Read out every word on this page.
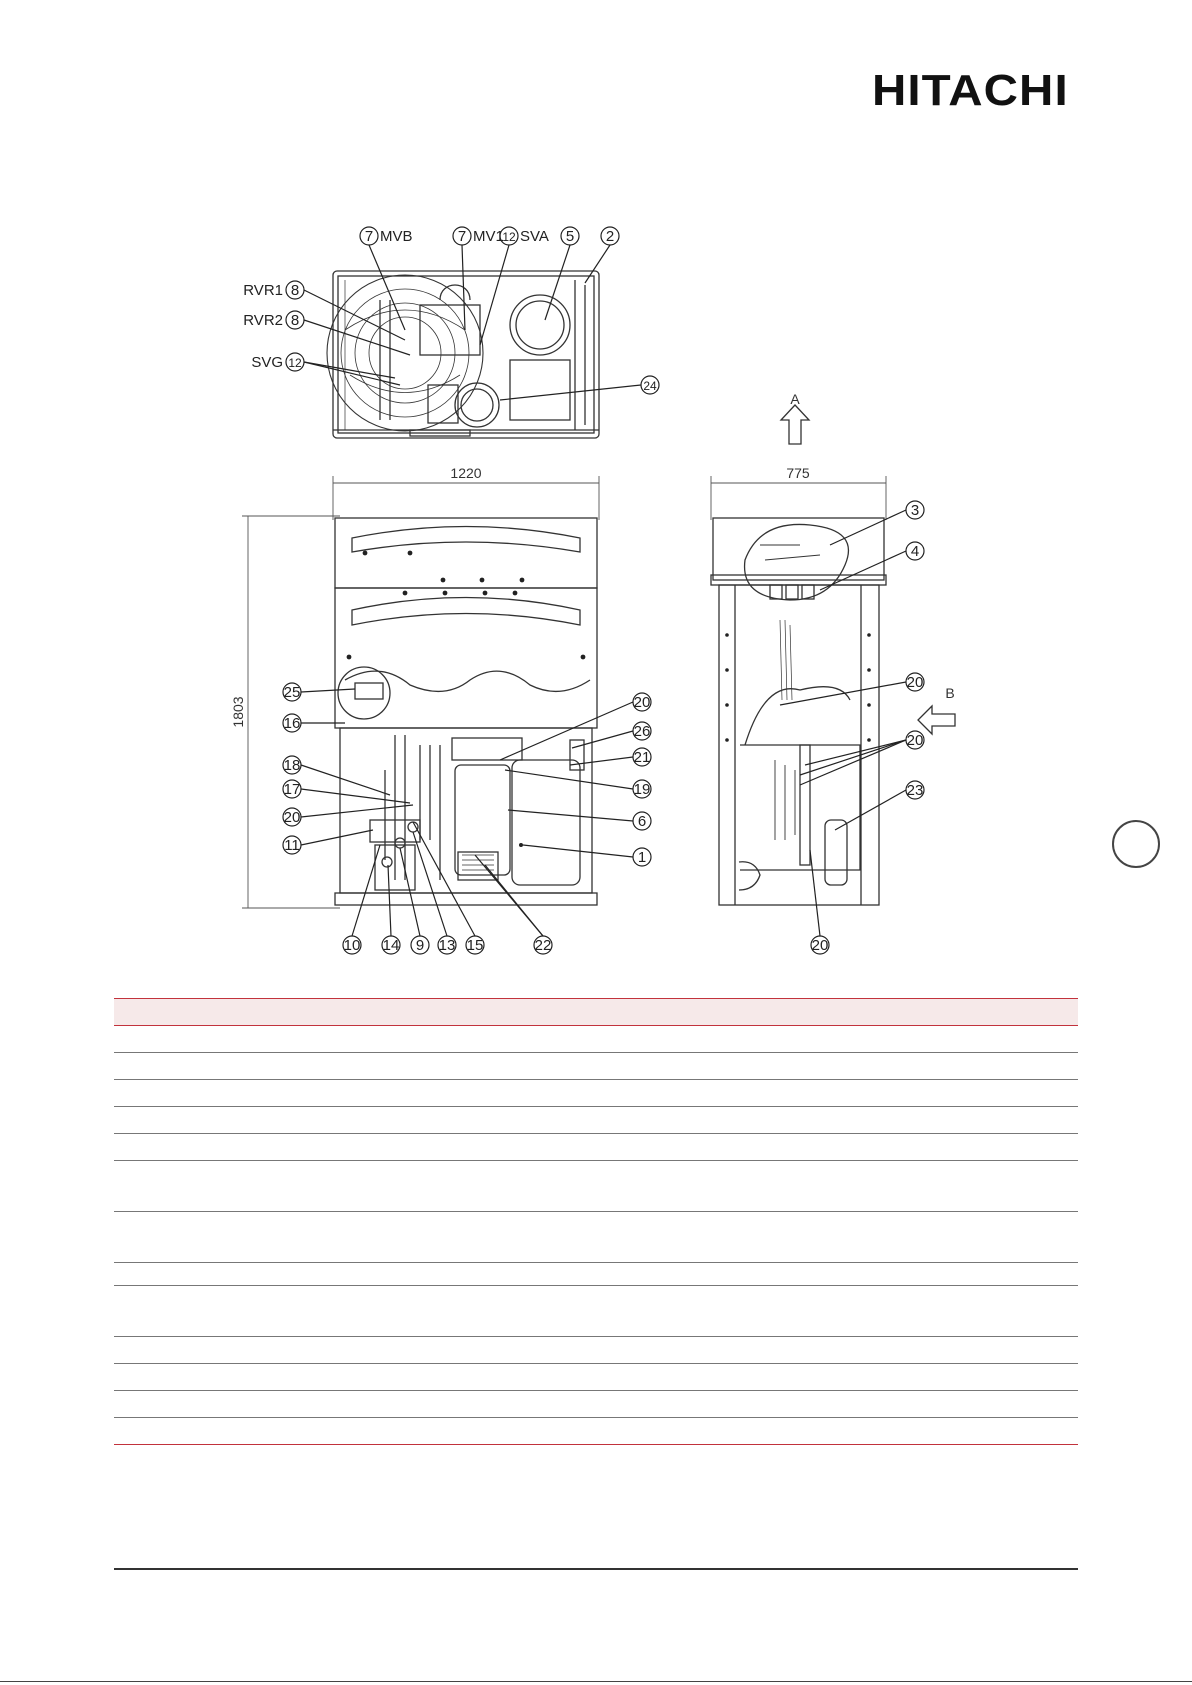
HITACHI
7	7	12	5 2
8
8
12
24
MVB	MV1 SVA
RVR1
RVR2
SVG
A
1220
1803
25
16
18
17
20
11
20
26
21
19
6
1
10 14 9 13 15	22
775
3
4
20
20
23
20
B
